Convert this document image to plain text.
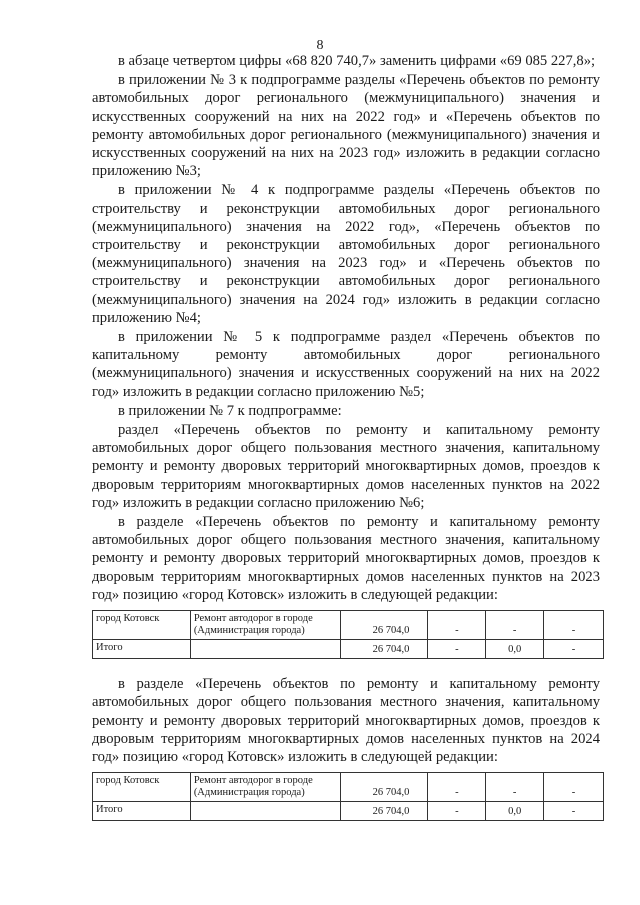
8

в абзаце четвертом цифры «68 820 740,7» заменить цифрами «69 085 227,8»;

в приложении № 3 к подпрограмме разделы «Перечень объектов по ремонту автомобильных дорог регионального (межмуниципального) значения и искусственных сооружений на них на 2022 год» и «Перечень объектов по ремонту автомобильных дорог регионального (межмуниципального) значения и искусственных сооружений на них на 2023 год» изложить в редакции согласно приложению №3;

в приложении № 4 к подпрограмме разделы «Перечень объектов по строительству и реконструкции автомобильных дорог регионального (межмуниципального) значения на 2022 год», «Перечень объектов по строительству и реконструкции автомобильных дорог регионального (межмуниципального) значения на 2023 год» и «Перечень объектов по строительству и реконструкции автомобильных дорог регионального (межмуниципального) значения на 2024 год» изложить в редакции согласно приложению №4;

в приложении № 5 к подпрограмме раздел «Перечень объектов по капитальному ремонту автомобильных дорог регионального (межмуниципального) значения и искусственных сооружений на них на 2022 год» изложить в редакции согласно приложению №5;

в приложении № 7 к подпрограмме:

раздел «Перечень объектов по ремонту и капитальному ремонту автомобильных дорог общего пользования местного значения, капитальному ремонту и ремонту дворовых территорий многоквартирных домов, проездов к дворовым территориям многоквартирных домов населенных пунктов на 2022 год» изложить в редакции согласно приложению №6;

в разделе «Перечень объектов по ремонту и капитальному ремонту автомобильных дорог общего пользования местного значения, капитальному ремонту и ремонту дворовых территорий многоквартирных домов, проездов к дворовым территориям многоквартирных домов населенных пунктов на 2023 год» позицию «город Котовск» изложить в следующей редакции:

город Котовск	Ремонт автодорог в городе (Администрация города)	26 704,0	-	-	-
Итого		26 704,0	-	0,0	-

в разделе «Перечень объектов по ремонту и капитальному ремонту автомобильных дорог общего пользования местного значения, капитальному ремонту и ремонту дворовых территорий многоквартирных домов, проездов к дворовым территориям многоквартирных домов населенных пунктов на 2024 год» позицию «город Котовск» изложить в следующей редакции:

город Котовск	Ремонт автодорог в городе (Администрация города)	26 704,0	-	-	-
Итого		26 704,0	-	0,0	-
